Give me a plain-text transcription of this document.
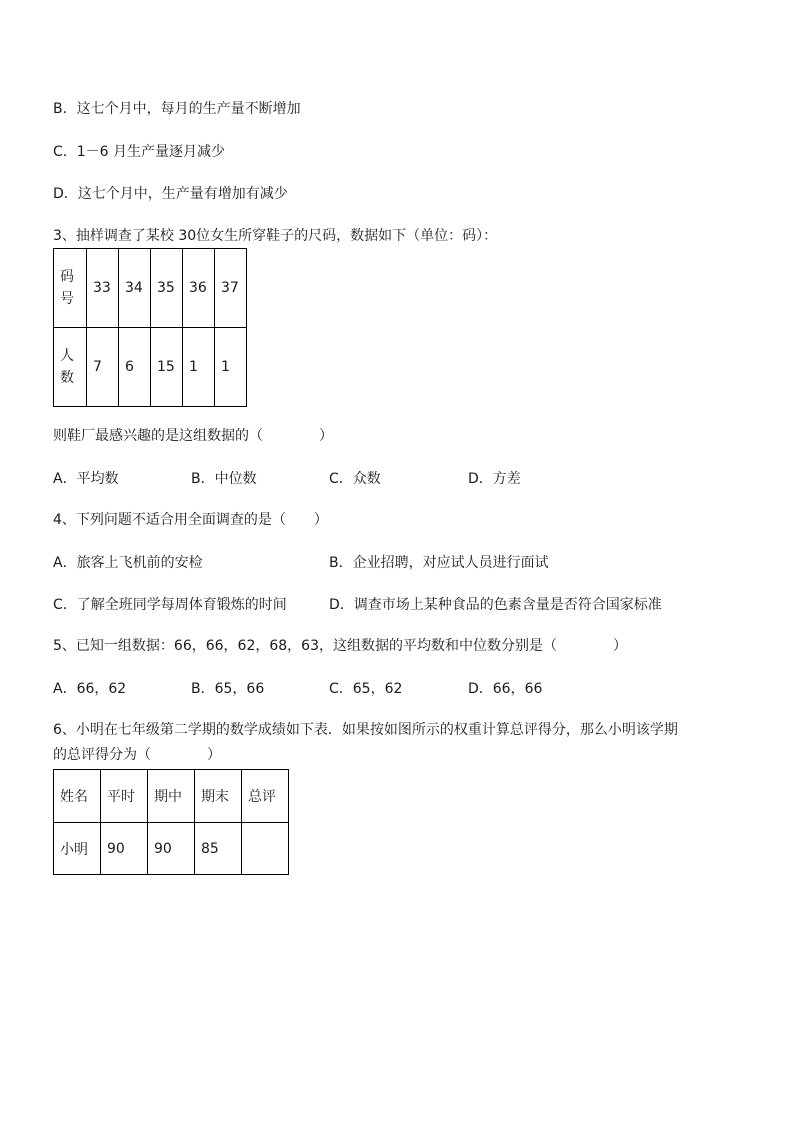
B．这七个月中，每月的生产量不断增加
C．1－6 月生产量逐月减少
D．这七个月中，生产量有增加有减少
3、抽样调查了某校 30位女生所穿鞋子的尺码，数据如下（单位：码）：
码
号	33	34	35	36	37

人
数	7	6	15	1	1
则鞋厂最感兴趣的是这组数据的（　　　　）
A．平均数	B．中位数	C．众数	D．方差
4、下列问题不适合用全面调查的是（　　）
A．旅客上飞机前的安检	B．企业招聘，对应试人员进行面试
C．了解全班同学每周体育锻炼的时间	D．调查市场上某种食品的色素含量是否符合国家标准
5、已知一组数据：66，66，62，68，63，这组数据的平均数和中位数分别是（　　　　）
A．66，62	B．65，66	C．65，62	D．66，66
6、小明在七年级第二学期的数学成绩如下表．如果按如图所示的权重计算总评得分，那么小明该学期
的总评得分为（　　　　）
姓名	平时	期中	期末	总评
小明	90	90	85	
